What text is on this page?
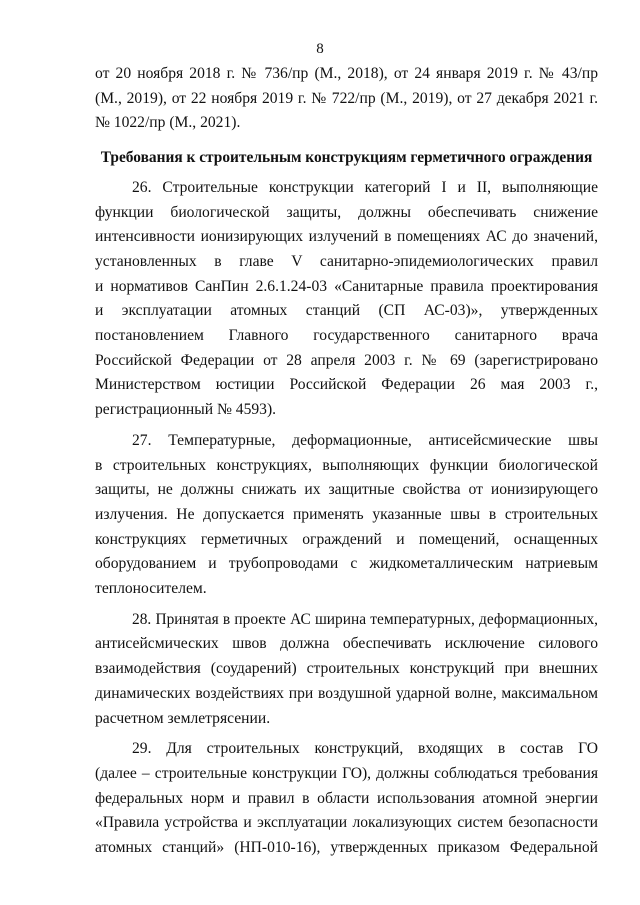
8
от 20 ноября 2018 г. № 736/пр (М., 2018), от 24 января 2019 г. № 43/пр
(М., 2019), от 22 ноября 2019 г. № 722/пр (М., 2019), от 27 декабря 2021 г.
№ 1022/пр (М., 2021).
Требования к строительным конструкциям герметичного ограждения
26. Строительные конструкции категорий I и II, выполняющие
функции биологической защиты, должны обеспечивать снижение
интенсивности ионизирующих излучений в помещениях АС до значений,
установленных в главе V санитарно-эпидемиологических правил
и нормативов СанПин 2.6.1.24-03 «Санитарные правила проектирования
и эксплуатации атомных станций (СП АС-03)», утвержденных
постановлением Главного государственного санитарного врача
Российской Федерации от 28 апреля 2003 г. № 69 (зарегистрировано
Министерством юстиции Российской Федерации 26 мая 2003 г.,
регистрационный № 4593).
27. Температурные, деформационные, антисейсмические швы
в строительных конструкциях, выполняющих функции биологической
защиты, не должны снижать их защитные свойства от ионизирующего
излучения. Не допускается применять указанные швы в строительных
конструкциях герметичных ограждений и помещений, оснащенных
оборудованием и трубопроводами с жидкометаллическим натриевым
теплоносителем.
28. Принятая в проекте АС ширина температурных, деформационных,
антисейсмических швов должна обеспечивать исключение силового
взаимодействия (соударений) строительных конструкций при внешних
динамических воздействиях при воздушной ударной волне, максимальном
расчетном землетрясении.
29. Для строительных конструкций, входящих в состав ГО
(далее – строительные конструкции ГО), должны соблюдаться требования
федеральных норм и правил в области использования атомной энергии
«Правила устройства и эксплуатации локализующих систем безопасности
атомных станций» (НП-010-16), утвержденных приказом Федеральной
